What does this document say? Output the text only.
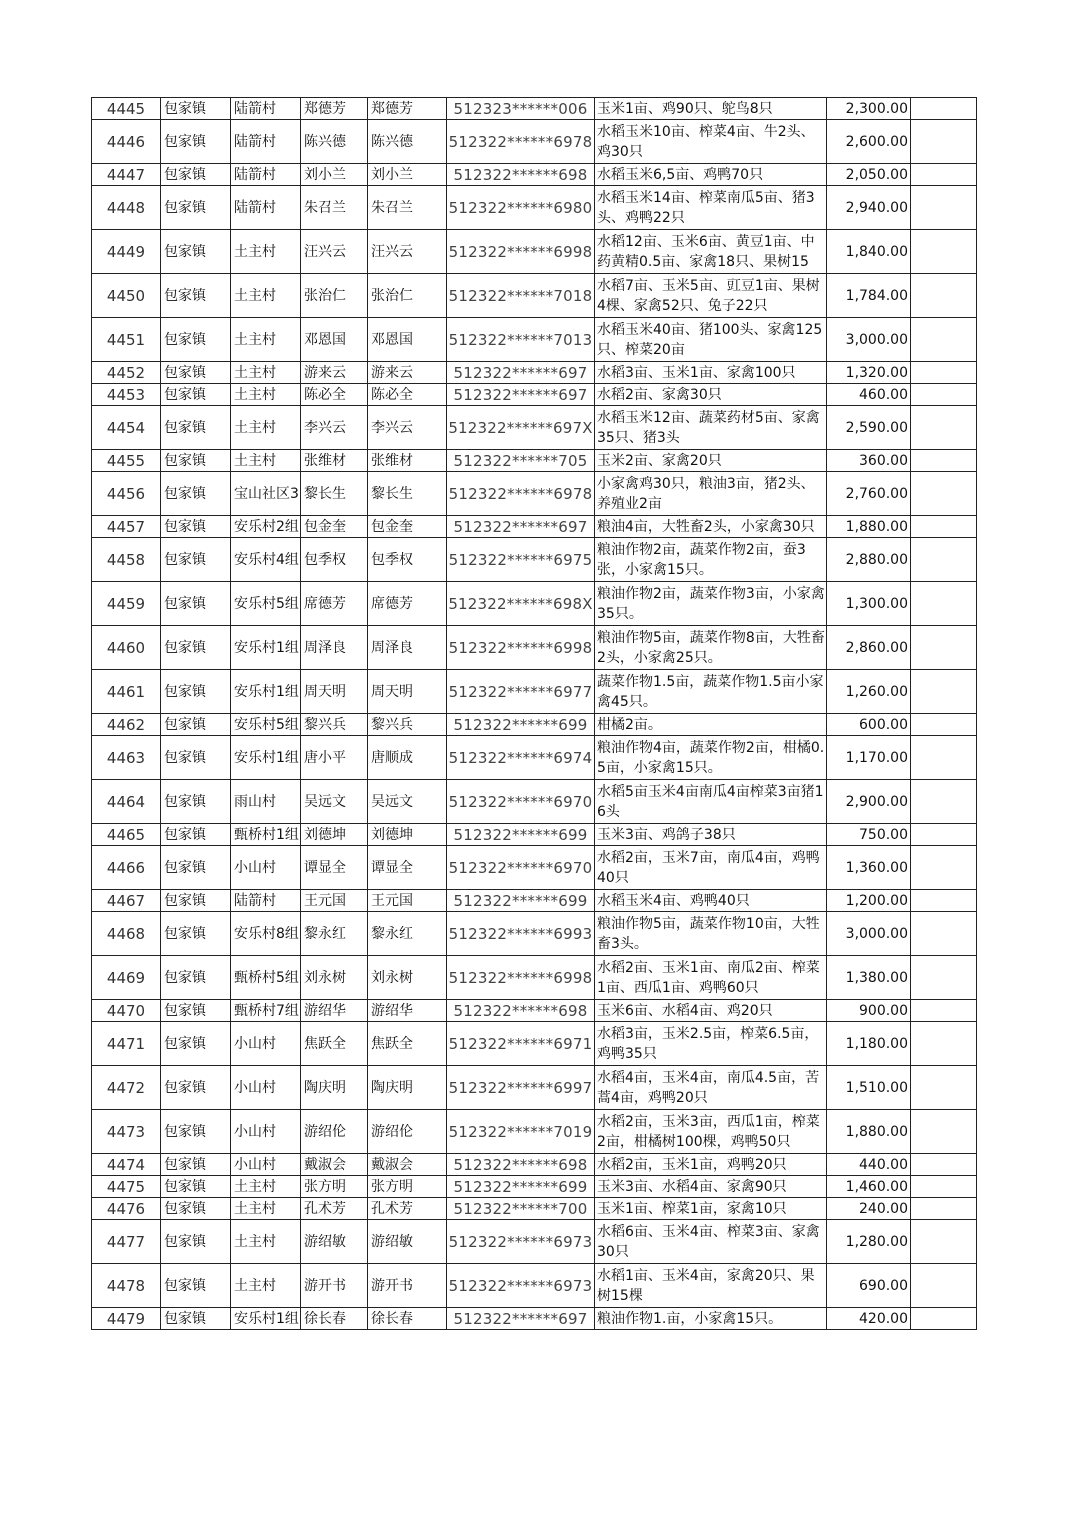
4445	包家镇	陆箭村	郑德芳	郑德芳	512323******006	玉米1亩、鸡90只、鸵鸟8只	2,300.00	
4446	包家镇	陆箭村	陈兴德	陈兴德	512322******6978	水稻玉米10亩、榨菜4亩、牛2头、鸡30只	2,600.00	
4447	包家镇	陆箭村	刘小兰	刘小兰	512322******698	水稻玉米6,5亩、鸡鸭70只	2,050.00	
4448	包家镇	陆箭村	朱召兰	朱召兰	512322******6980	水稻玉米14亩、榨菜南瓜5亩、猪3头、鸡鸭22只	2,940.00	
4449	包家镇	土主村	汪兴云	汪兴云	512322******6998	水稻12亩、玉米6亩、黄豆1亩、中药黄精0.5亩、家禽18只、果树15	1,840.00	
4450	包家镇	土主村	张治仁	张治仁	512322******7018	水稻7亩、玉米5亩、豇豆1亩、果树4棵、家禽52只、兔子22只	1,784.00	
4451	包家镇	土主村	邓恩国	邓恩国	512322******7013	水稻玉米40亩、猪100头、家禽125只、榨菜20亩	3,000.00	
4452	包家镇	土主村	游来云	游来云	512322******697	水稻3亩、玉米1亩、家禽100只	1,320.00	
4453	包家镇	土主村	陈必全	陈必全	512322******697	水稻2亩、家禽30只	460.00	
4454	包家镇	土主村	李兴云	李兴云	512322******697X	水稻玉米12亩、蔬菜药材5亩、家禽35只、猪3头	2,590.00	
4455	包家镇	土主村	张维材	张维材	512322******705	玉米2亩、家禽20只	360.00	
4456	包家镇	宝山社区3	黎长生	黎长生	512322******6978	小家禽鸡30只，粮油3亩，猪2头、养殖业2亩	2,760.00	
4457	包家镇	安乐村2组	包金奎	包金奎	512322******697	粮油4亩，大牲畜2头，小家禽30只	1,880.00	
4458	包家镇	安乐村4组	包季权	包季权	512322******6975	粮油作物2亩，蔬菜作物2亩，蚕3张，小家禽15只。	2,880.00	
4459	包家镇	安乐村5组	席德芳	席德芳	512322******698X	粮油作物2亩，蔬菜作物3亩，小家禽35只。	1,300.00	
4460	包家镇	安乐村1组	周泽良	周泽良	512322******6998	粮油作物5亩，蔬菜作物8亩，大牲畜2头，小家禽25只。	2,860.00	
4461	包家镇	安乐村1组	周天明	周天明	512322******6977	蔬菜作物1.5亩，蔬菜作物1.5亩小家禽45只。	1,260.00	
4462	包家镇	安乐村5组	黎兴兵	黎兴兵	512322******699	柑橘2亩。	600.00	
4463	包家镇	安乐村1组	唐小平	唐顺成	512322******6974	粮油作物4亩，蔬菜作物2亩，柑橘0.5亩，小家禽15只。	1,170.00	
4464	包家镇	雨山村	吴远文	吴远文	512322******6970	水稻5亩玉米4亩南瓜4亩榨菜3亩猪16头	2,900.00	
4465	包家镇	甄桥村1组	刘德坤	刘德坤	512322******699	玉米3亩、鸡鸽子38只	750.00	
4466	包家镇	小山村	谭显全	谭显全	512322******6970	水稻2亩，玉米7亩，南瓜4亩，鸡鸭40只	1,360.00	
4467	包家镇	陆箭村	王元国	王元国	512322******699	水稻玉米4亩、鸡鸭40只	1,200.00	
4468	包家镇	安乐村8组	黎永红	黎永红	512322******6993	粮油作物5亩，蔬菜作物10亩，大牲畜3头。	3,000.00	
4469	包家镇	甄桥村5组	刘永树	刘永树	512322******6998	水稻2亩、玉米1亩、南瓜2亩、榨菜1亩、西瓜1亩、鸡鸭60只	1,380.00	
4470	包家镇	甄桥村7组	游绍华	游绍华	512322******698	玉米6亩、水稻4亩、鸡20只	900.00	
4471	包家镇	小山村	焦跃全	焦跃全	512322******6971	水稻3亩，玉米2.5亩，榨菜6.5亩，鸡鸭35只	1,180.00	
4472	包家镇	小山村	陶庆明	陶庆明	512322******6997	水稻4亩，玉米4亩，南瓜4.5亩，苦蒿4亩，鸡鸭20只	1,510.00	
4473	包家镇	小山村	游绍伦	游绍伦	512322******7019	水稻2亩，玉米3亩，西瓜1亩，榨菜2亩，柑橘树100棵，鸡鸭50只	1,880.00	
4474	包家镇	小山村	戴淑会	戴淑会	512322******698	水稻2亩，玉米1亩，鸡鸭20只	440.00	
4475	包家镇	土主村	张方明	张方明	512322******699	玉米3亩、水稻4亩、家禽90只	1,460.00	
4476	包家镇	土主村	孔术芳	孔术芳	512322******700	玉米1亩、榨菜1亩，家禽10只	240.00	
4477	包家镇	土主村	游绍敏	游绍敏	512322******6973	水稻6亩、玉米4亩、榨菜3亩、家禽30只	1,280.00	
4478	包家镇	土主村	游开书	游开书	512322******6973	水稻1亩、玉米4亩，家禽20只、果树15棵	690.00	
4479	包家镇	安乐村1组	徐长春	徐长春	512322******697	粮油作物1.亩，小家禽15只。	420.00	
